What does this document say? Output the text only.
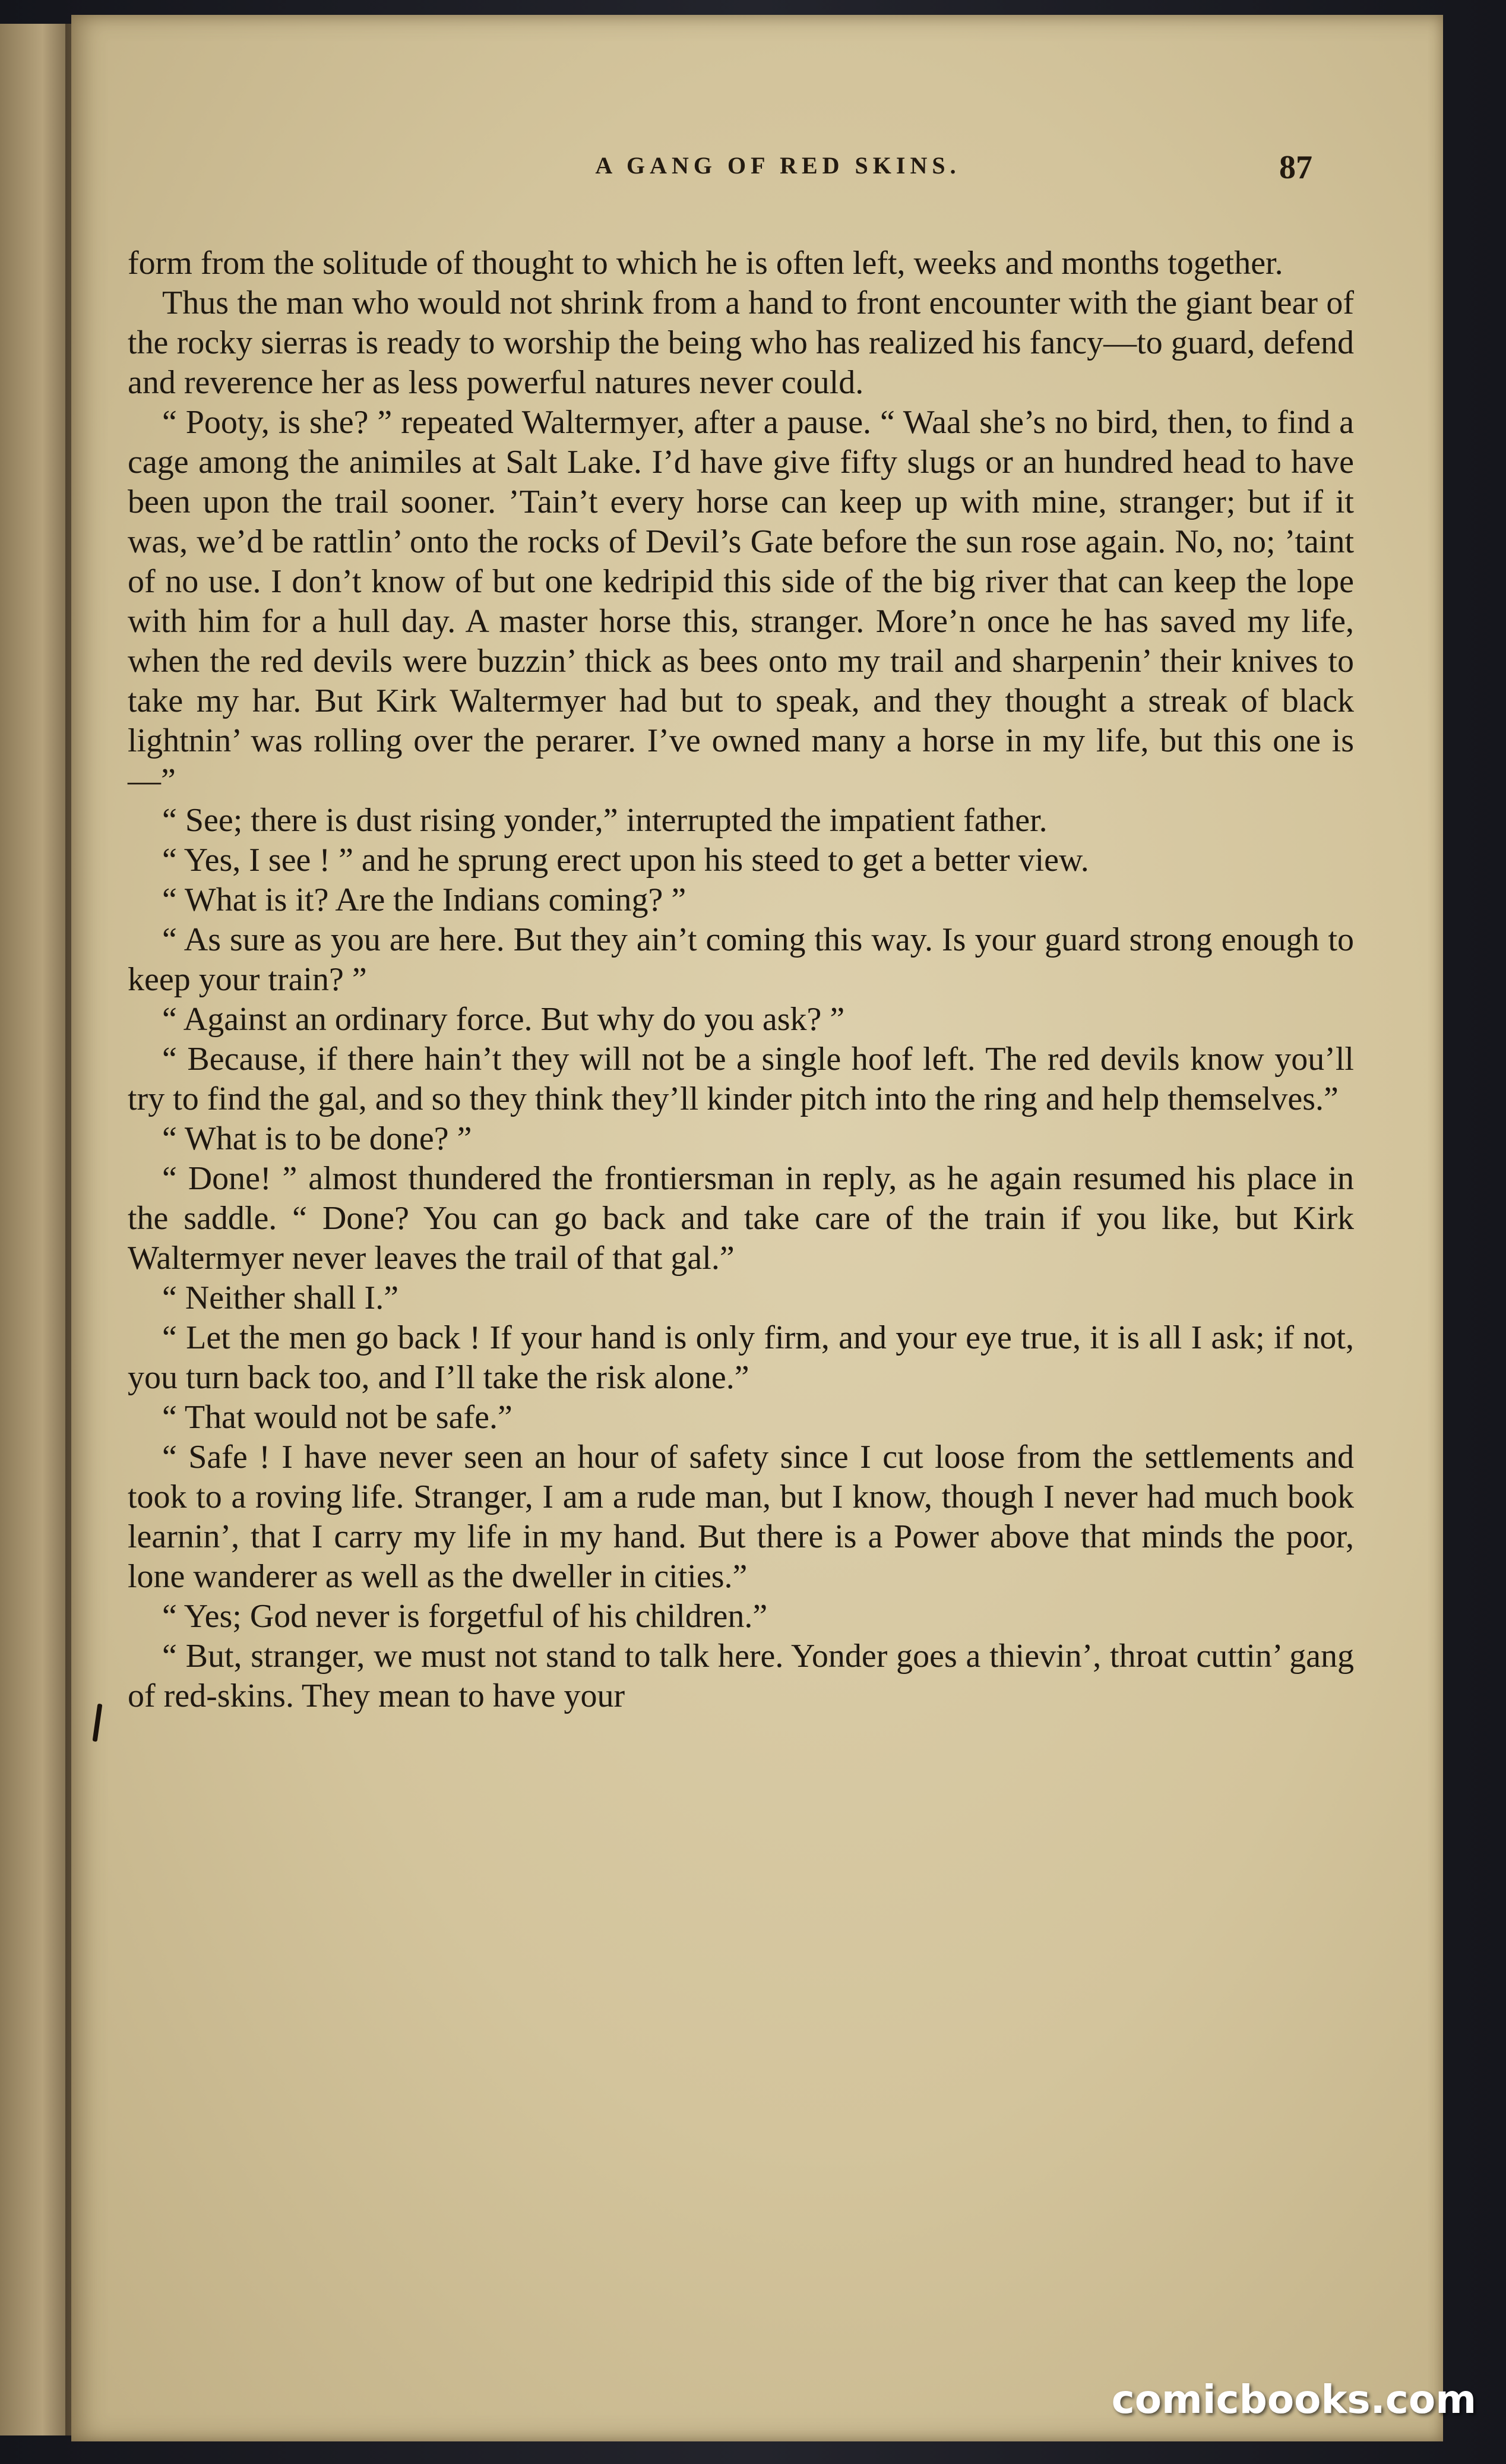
A GANG OF RED SKINS.	87

form from the solitude of thought to which he is often left, weeks and months together.

Thus the man who would not shrink from a hand to front encounter with the giant bear of the rocky sierras is ready to worship the being who has realized his fancy—to guard, defend and reverence her as less powerful natures never could.

“ Pooty, is she? ” repeated Waltermyer, after a pause. “ Waal she’s no bird, then, to find a cage among the animiles at Salt Lake. I’d have give fifty slugs or an hundred head to have been upon the trail sooner. ’Tain’t every horse can keep up with mine, stranger; but if it was, we’d be rattlin’ onto the rocks of Devil’s Gate before the sun rose again. No, no; ’taint of no use. I don’t know of but one kedripid this side of the big river that can keep the lope with him for a hull day. A master horse this, stranger. More’n once he has saved my life, when the red devils were buzzin’ thick as bees onto my trail and sharpenin’ their knives to take my har. But Kirk Waltermyer had but to speak, and they thought a streak of black lightnin’ was rolling over the perarer. I’ve owned many a horse in my life, but this one is—”

“ See; there is dust rising yonder,” interrupted the impatient father.

“ Yes, I see ! ” and he sprung erect upon his steed to get a better view.

“ What is it? Are the Indians coming? ”

“ As sure as you are here. But they ain’t coming this way. Is your guard strong enough to keep your train? ”

“ Against an ordinary force. But why do you ask? ”

“ Because, if there hain’t they will not be a single hoof left. The red devils know you’ll try to find the gal, and so they think they’ll kinder pitch into the ring and help themselves.”

“ What is to be done? ”

“ Done! ” almost thundered the frontiersman in reply, as he again resumed his place in the saddle. “ Done? You can go back and take care of the train if you like, but Kirk Waltermyer never leaves the trail of that gal.”

“ Neither shall I.”

“ Let the men go back ! If your hand is only firm, and your eye true, it is all I ask; if not, you turn back too, and I’ll take the risk alone.”

“ That would not be safe.”

“ Safe ! I have never seen an hour of safety since I cut loose from the settlements and took to a roving life. Stranger, I am a rude man, but I know, though I never had much book learnin’, that I carry my life in my hand. But there is a Power above that minds the poor, lone wanderer as well as the dweller in cities.”

“ Yes; God never is forgetful of his children.”

“ But, stranger, we must not stand to talk here. Yonder goes a thievin’, throat cuttin’ gang of red-skins. They mean to have your

comicbooks.com
